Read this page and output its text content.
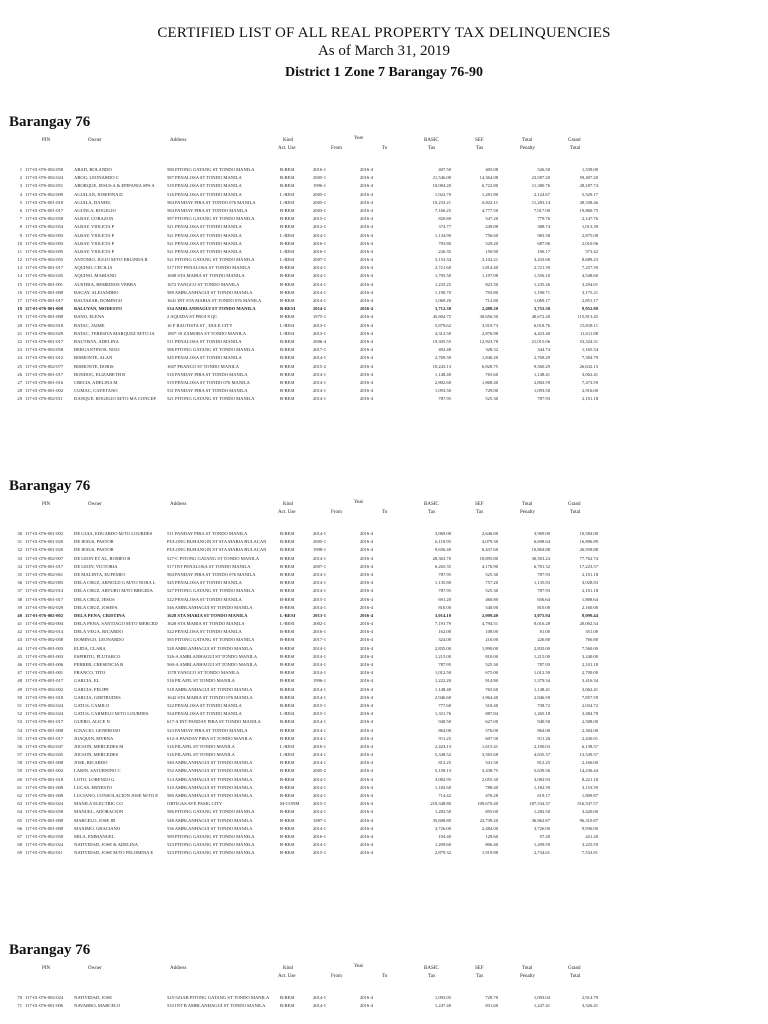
CERTIFIED LIST OF ALL REAL PROPERTY TAX DELINQUENCIES
As of March 31, 2019
District 1 Zone 7 Barangay 76-90
Barangay 76
PIN	Owner	Address	Kind
Act. Use
Year
From	To
BASIC
Tax
SEF
Tax
Total
Penalty
Grand
Total
1 117-01-076-002-058	ABAD, ROLANDO	580 PITONG GATANG ST TONDO MANILA	B-RESI	2016-1	2016-4	407.50	405.08	526.50	1,339.00
2 117-01-076-002-024	ABOG, LEONARDO C	587 PENALOSA ST TONDO MANILA	B-RESI	2005-1	2016-4	21,546.00	14,364.08	23,587.20	59,497.20
3 117-01-076-002-051	ABORQUE, JESUS A & EPIFANIA SPS A	519 PENALOSA ST TONDO MANILA	B-RESI	1996-1	2016-4	10,084.20	6,722.80	11,380.76	28,187.74
4 117-01-076-002-009	AGUILAN, JOSEFINA D	516 PENALOSA ST TONDO MANILA	L-RESI	2005-1	2016-4	1,922.70	1,281.80	2,124.67	5,329.17
5 117-01-076-001-018	AGUILA, DANIEL	584 PANDAY PIRA ST TONDO 076 MANILA	L-RESI	2005-1	2016-4	10,233.21	6,822.11	11,283.14	28,338.46
6 117-01-076-001-017	AGUNLA, ROGELIO	584 PANDAY PIRA ST TONDO MANILA	B-RESI	2003-1	2016-4	7,166.25	4,777.50	7,917.00	19,860.75
7 117-01-076-002-058	ALBAY, CORAZON	587 PITONG GATANG ST TONDO MANILA	B-RESI	2015-1	2016-4	820.80	547.20	779.76	2,147.76
8 117-01-076-002-054	ALBAY, VIOLETA P	521 PENALOSA ST TONDO MANILA	B-RESI	2012-1	2016-4	374.77	249.88	388.74	1,013.39
9 117-01-076-002-093	ALBAY, VIOLETA P	521 PENALOSA ST TONDO MANILA	L-RESI	2014-1	2016-4	1,134.90	756.60	983.58	2,875.08
10 117-01-076-002-093	ALBAY, VIOLETA P	521 PENALOSA ST TONDO MANILA	B-RESI	2016-1	2016-4	793.80	529.20	687.96	2,010.96
11 117-01-076-002-095	ALBAY, VIOLETA P	521 PENALOSA ST TONDO MANILA	L-RESI	2016-1	2016-4	226.35	150.90	196.17	573.42
12 117-01-076-002-055	ANTONIO, JULIO M/TO ERLINDA R	521 PITONG GATANG ST TONDO MANILA	L-RESI	2007-1	2016-4	3,153.34	2,102.21	3,433.68	8,689.23
13 117-01-076-001-017	AQUINO, CECILIA	517 INT PENALOSA ST TONDO MANILA	B-RESI	2014-1	2016-4	2,721.60	1,814.40	2,721.59	7,257.59
14 117-01-076-002-045	AQUINO, MARIANO	1608 STA MARIA ST TONDO MANILA	B-RESI	2014-1	2016-4	1,795.50	1,197.08	1,556.10	4,548.60
15 117-01-076-001-001	AUSTRIA, REMEDIOS VERBA	1672 YANGCO ST TONDO MANILA	B-RESI	2014-1	2016-4	1,235.25	823.50	1,235.26	3,294.01
16 117-01-076-001-008	BAGAY, ALEJANDRO	580 AMBLANHAGUI ST TONDO MANILA	B-RESI	2014-1	2016-4	1,190.70	793.80	1,190.71	3,175.21
17 117-01-076-001-017	BALTAZAR, DOMINGO	1641 INT STA MARIA ST TONDO 076 MANILA	B-RESI	2014-1	2016-4	1,069.20	712.80	1,069.17	2,851.17
18 117-01-076-001-008	BALUYAN, MODESTO	534 AMBLANHAGUI ST TONDO MANILA	B-RESI	2014-1	2016-4	3,712.30	2,488.20	3,752.30	9,952.80
19 117-01-076-001-008	BANO, ELENA	2 AQUIDA ST PROJ 8 QC	B-RESI	1975-1	2016-4	45,804.75	30,656.50	40,672.20	115,813.45
20 117-01-076-002-018	BATAC, JAIME	16 F BAUTISTA ST , DULE CITY	L-RESI	2013-1	2016-4	5,879.62	3,919.73	6,018.76	15,818.11
21 117-01-076-002-029	BATAC, TERESITA MARQUEZ M/TO JA	1807-18 ZAMORA ST TONDO MANILA	L-RESI	2013-1	2016-4	4,312.50	2,876.98	4,423.40	11,611.88
22 117-01-076-001-017	BAUTISTA, ADELINA	511 PENALOSA ST TONDO MANILA	B-RESI	2006-4	2016-4	19,305.55	12,923.78	21,015.06	53,324.31
23 117-01-076-002-058	BERGANTINOS, NOLI	586 PITONG GATANG ST TONDO MANILA	B-RESI	2017-1	2016-4	492.48	328.32	344.74	1,165.54
24 117-01-076-001-012	BISMONTE, ALAN	545 PENALOSA ST TONDO MANILA	B-RESI	2014-1	2016-4	2,769.30	1,846.20	2,769.29	7,384.79
25 117-01-076-002-077	BISMONTE, DORIS	1607 FRANCO ST TONDO MANILA	B-RESI	2015-2	2016-4	10,243.13	6,828.75	9,560.29	26,632.13
26 117-01-076-001-017	BONDOC, ELIZABETH R	516 PANDAY PIRA ST TONDO MANILA	B-RESI	2014-1	2016-4	1,148.40	765.60	1,148.41	3,062.41
27 117-01-076-001-016	CRECIS, ADELINA M	519 PENALOSA ST TONDO 076 MANILA	B-RESI	2014-1	2016-4	2,802.60	1,868.40	2,802.59	7,473.59
28 117-01-076-001-002	CUMAC, CAYETANO	531 PANDAY PIRA ST TONDO MANILA	B-RESI	2014-1	2016-4	1,093.50	729.00	1,093.50	2,916.00
29 117-01-076-002-011	DANQUE, ROGELIO M/TO MA CONCEP	521 PITONG GATANG ST TONDO MANILA	B-RESI	2014-1	2016-4	787.95	525.30	787.93	2,101.18
Barangay 76
PIN	Owner	Address	Kind
Act. Use
Year
From	To
BASIC
Tax
SEF
Tax
Total
Penalty
Grand
Total
30 117-01-076-001-002	DE GUIA, EDUARDO M/TO LOURDES	511 PANDAY PIRA ST TONDO MANILA	B-RESI	2014-1	2016-4	3,969.00	2,646.00	3,969.00	10,584.00
31 117-01-076-001-020	DE JESUS, PASTOR	PULONG BUHANGIN ST STA MARIA BULACAN	B-RESI	2005-1	2016-4	6,118.95	4,079.30	6,698.64	16,896.89
32 117-01-076-001-020	DE JESUS, PASTOR	PULONG BUHANGIN ST STA MARIA BULACAN	B-RESI	1998-1	2016-4	9,656.40	6,437.60	10,864.88	26,958.88
33 117-01-076-002-007	DE LEON ET AL, ROMEO B	527-C PITONG GATANG ST TONDO MANILA	B-RESI	2014-1	2016-4	28,363.70	18,895.80	30,503.24	77,762.74
34 117-01-076-001-017	DE LEON, VICTORIA	517 INT PENALOSA ST TONDO MANILA	B-RESI	2007-1	2016-4	6,265.35	4,176.90	6,781.32	17,223.57
35 117-01-076-002-061	DE MALINTA, EUFEMIO	584 PANDAY PIRA ST TONDO 076 MANILA	B-RESI	2014-1	2016-4	787.95	525.30	787.93	2,101.18
36 117-01-076-002-083	DELA CRUZ, ARNOLD G M/TO NORA L	545 PENALOSA ST TONDO MANILA	B-RESI	2014-1	2016-4	1,135.80	757.20	1,135.83	3,028.83
37 117-01-076-002-014	DELA CRUZ, ARTURO M/TO BRIGIDA	527 PITONG GATANG ST TONDO MANILA	B-RESI	2014-1	2016-4	787.95	525.30	787.93	2,101.18
38 117-01-076-001-017	DELA CRUZ, JESUS	522 PENALOSA ST TONDO MANILA	B-RESI	2015-1	2016-4	691.20	460.80	656.64	1,808.64
39 117-01-076-002-029	DELA CRUZ, JOSEFA	546 AMBLANHAGUI ST TONDO MANILA	B-RESI	2014-1	2016-4	810.00	540.00	810.00	2,160.00
40 117-01-076-002-002	DELA PENA, CRISTINA	1628 STA MARIA ST TONDO MANILA	L-RESI	2013-1	2016-4	3,014.10	2,009.40	3,075.94	8,099.44
41 117-01-076-002-004	DELA PENA, SANTIAGO M/TO MERCED	1628 STA MARIA ST TONDO MANILA	L-RESI	2002-1	2016-4	7,191.79	4,794.51	8,016.28	20,002.54
42 117-01-076-002-014	DELA VEGA, RICARDO	522 PENALOSA ST TONDO MANILA	B-RESI	2016-1	2016-4	162.00	108.00	81.00	351.00
43 117-01-076-002-058	DOMINGO, LEONARDO	585 PITONG GATANG ST TONDO MANILA	B-RESI	2017-1	2016-4	324.00	216.00	226.80	766.80
44 117-01-076-001-003	ELIDA, CLARA	528 AMBLANHAGUI ST TONDO MANILA	B-RESI	2014-1	2016-4	2,835.00	1,890.00	2,835.00	7,560.00
45 117-01-076-001-003	ESPIRITU, PLUTARCO	526-A AMBLANHAGUI ST TONDO MANILA	B-RESI	2014-1	2016-4	1,215.00	810.00	1,215.00	3,240.00
46 117-01-076-001-006	FERRER, CRESENCIA B	560-A AMBLANHAGUI ST TONDO MANILA	B-RESI	2014-1	2016-4	787.95	525.30	787.93	2,101.18
47 117-01-076-001-001	FRANCO, TITO	1578 YANGCO ST TONDO MANILA	B-RESI	2014-1	2016-4	1,012.50	675.00	1,012.50	2,700.00
48 117-01-076-001-017	GARCIA, EL	516 PILAPIL ST TONDO MANILA	B-RESI	1996-1	2016-4	1,222.20	814.80	1,379.34	3,416.34
49 117-01-076-002-002	GARCIA, FELIPE	518 AMBLANHAGUI ST TONDO MANILA	B-RESI	2014-1	2016-4	1,148.40	765.60	1,148.41	3,062.41
50 117-01-076-001-018	GARCIA, GERTRUDES	1642 STA MARIA ST TONDO 076 MANILA	B-RESI	2014-1	2016-4	2,946.60	1,964.40	2,946.59	7,857.59
51 117-01-076-002-024	GATUS, CAMILO	522 PENALOSA ST TONDO MANILA	B-RESI	2015-1	2016-4	777.60	518.40	738.72	2,034.72
52 117-01-076-002-024	GATUS, CARMELO M/TO LOURDES	534 PENALOSA ST TONDO MANILA	L-RESI	2015-1	2016-4	1,331.76	887.84	1,265.18	3,484.78
53 117-01-076-001-017	GUERO, ALICE N	617-A INT PANDAY PIRA ST TONDO MANILA	B-RESI	2014-1	2016-4	940.50	627.00	940.50	2,508.00
54 117-01-076-001-008	IGNACIO, GENEROSO	523 PANDAY PIRA ST TONDO MANILA	B-RESI	2014-1	2016-4	864.00	576.00	864.00	2,304.00
55 117-01-076-001-017	JOAQUIN, MYRNA	612-A PANDAY PIRA ST TONDO MANILA	B-RESI	2014-1	2016-4	911.25	607.50	911.26	2,430.01
56 117-01-076-002-047	JOCSON, MERCEDES M	516 PILAPIL ST TONDO MANILA	L-RESI	2016-1	2016-4	2,423.13	1,615.41	2,100.03	6,138.57
57 117-01-076-002-045	JOCSON, MERCEDES	516 PILAPIL ST TONDO MANILA	L-RESI	2014-1	2016-4	5,348.52	3,565.68	4,635.37	13,549.57
58 117-01-076-001-008	JOSE, RICARDO	540 AMBLANHAGUI ST TONDO MANILA	B-RESI	2014-1	2016-4	812.25	541.50	812.25	2,166.00
59 117-01-076-001-002	LARIN, SATURNINO C	552 AMBLANHAGUI ST TONDO MANILA	B-RESI	2005-2	2016-4	5,158.13	3,438.75	5,639.56	14,236.44
60 117-01-076-001-018	LOTO, LORENZO G	514 AMBLANHAGUI ST TONDO MANILA	B-RESI	2014-1	2016-4	3,082.95	2,055.30	3,082.93	8,221.18
61 117-01-076-001-008	LUCAS, ERNESTO	510 AMBLANHAGUI ST TONDO MANILA	B-RESI	2014-1	2016-4	1,182.60	788.40	1,182.59	3,153.59
62 117-01-076-001-008	LUCIANO, CONSOLACION JOSE M/TO E	580 AMBLANHAGUI ST TONDO MANILA	B-RESI	2014-1	2016-4	714.42	476.28	619.17	1,809.87
63 117-01-076-002-024	MANILA ELECTRIC CO	ORTIGAS AVE PASIG CITY	M-CONM	2015-1	2016-4	218,348.80	109,670.40	187,534.37	516,547.57
64 117-01-076-002-058	MANUEL, ADORACION	586 PITONG GATANG ST TONDO MANILA	B-RESI	2014-1	2016-4	1,282.50	855.00	1,282.50	3,420.00
65 117-01-076-001-008	MARCELO, JOSE JR	548 AMBLANHAGUI ST TONDO MANILA	B-RESI	1987-1	2016-4	35,608.80	23,739.20	36,962.87	96,310.87
66 117-01-076-001-008	MAXIMO, GRACIANO	536 AMBLANHAGUI ST TONDO MANILA	B-RESI	2014-1	2016-4	3,726.00	2,484.00	3,726.00	9,936.00
67 117-01-076-002-058	MILA, EMMANUEL	589 PITONG GATANG ST TONDO MANILA	B-RESI	2016-1	2016-4	194.40	129.60	97.20	421.20
68 117-01-076-002-024	NATIVIDAD, JOSE & ADELINA	523 PITONG GATANG ST TONDO MANILA	B-RESI	2014-1	2016-4	1,209.60	806.40	1,209.59	3,225.59
69 117-01-076-002-011	NATIVIDAD, JOSE M/TO FELOMINA E	523 PITONG GATANG ST TONDO MANILA	B-RESI	2015-1	2016-4	2,879.32	1,919.88	2,734.61	7,533.81
Barangay 76
PIN	Owner	Address	Kind
Act. Use
Year
From	To
BASIC
Tax
SEF
Tax
Total
Penalty
Grand
Total
70 117-01-076-002-024	NATIVIDAD, JOSE	525-523AB PITONG GATANG ST TONDO MANILA	B-RESI	2014-1	2016-4	1,093.05	728.70	1,093.04	2,914.79
71 117-01-076-001-006	NAVARRO, MARCELO	533 INT B AMBLANHAGUI ST TONDO MANILA	B-RESI	2014-1	2016-4	1,247.40	831.60	1,247.41	3,326.41
